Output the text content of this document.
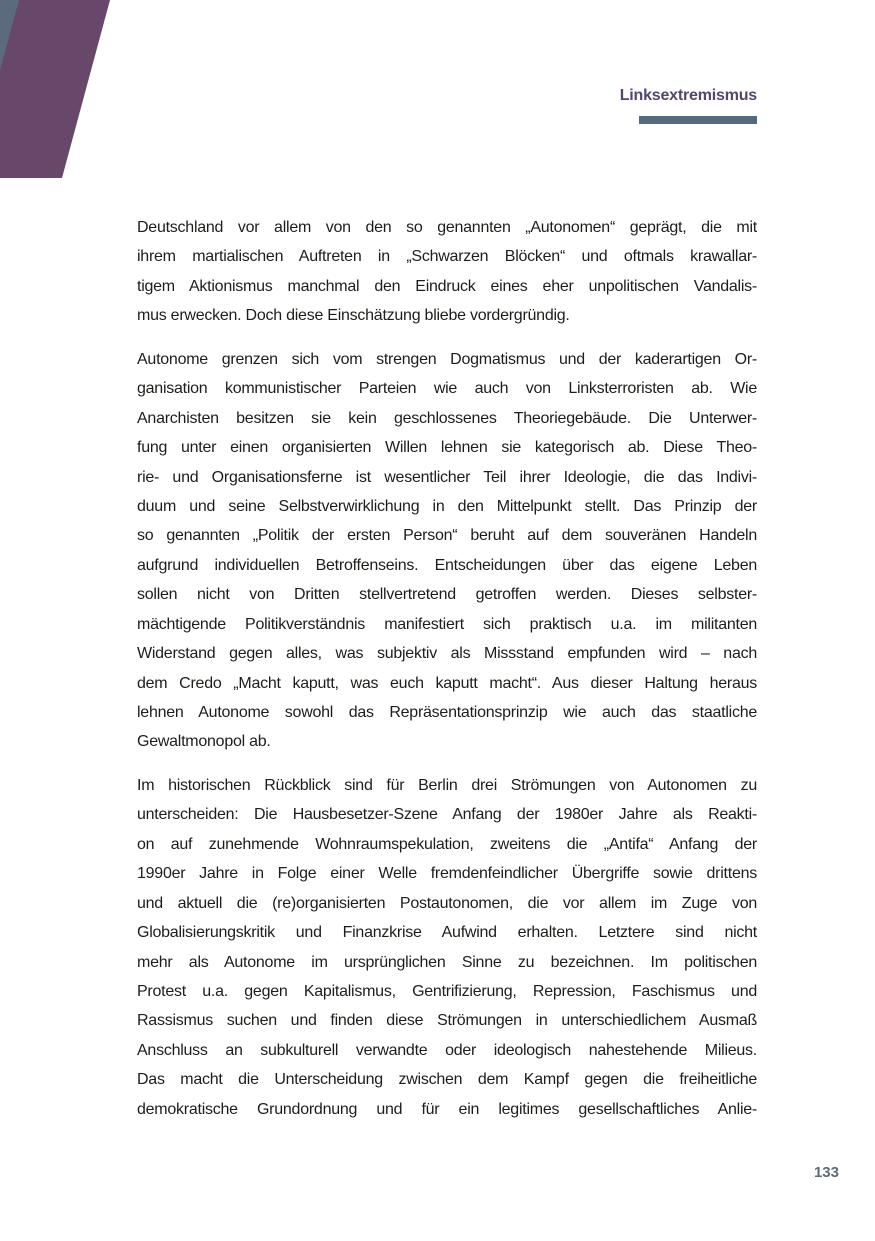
Linksextremismus
Deutschland vor allem von den so genannten „Autonomen“ geprägt, die mit
ihrem martialischen Auftreten in „Schwarzen Blöcken“ und oftmals krawallar-
tigem Aktionismus manchmal den Eindruck eines eher unpolitischen Vandalis-
mus erwecken. Doch diese Einschätzung bliebe vordergründig.
Autonome grenzen sich vom strengen Dogmatismus und der kaderartigen Or-
ganisation kommunistischer Parteien wie auch von Linksterroristen ab. Wie
Anarchisten besitzen sie kein geschlossenes Theoriegebäude. Die Unterwer-
fung unter einen organisierten Willen lehnen sie kategorisch ab. Diese Theo-
rie- und Organisationsferne ist wesentlicher Teil ihrer Ideologie, die das Indivi-
duum und seine Selbstverwirklichung in den Mittelpunkt stellt. Das Prinzip der
so genannten „Politik der ersten Person“ beruht auf dem souveränen Handeln
aufgrund individuellen Betroffenseins. Entscheidungen über das eigene Leben
sollen nicht von Dritten stellvertretend getroffen werden. Dieses selbster-
mächtigende Politikverständnis manifestiert sich praktisch u.a. im militanten
Widerstand gegen alles, was subjektiv als Missstand empfunden wird – nach
dem Credo „Macht kaputt, was euch kaputt macht“. Aus dieser Haltung heraus
lehnen Autonome sowohl das Repräsentationsprinzip wie auch das staatliche
Gewaltmonopol ab.
Im historischen Rückblick sind für Berlin drei Strömungen von Autonomen zu
unterscheiden: Die Hausbesetzer-Szene Anfang der 1980er Jahre als Reakti-
on auf zunehmende Wohnraumspekulation, zweitens die „Antifa“ Anfang der
1990er Jahre in Folge einer Welle fremdenfeindlicher Übergriffe sowie drittens
und aktuell die (re)organisierten Postautonomen, die vor allem im Zuge von
Globalisierungskritik und Finanzkrise Aufwind erhalten. Letztere sind nicht
mehr als Autonome im ursprünglichen Sinne zu bezeichnen. Im politischen
Protest u.a. gegen Kapitalismus, Gentrifizierung, Repression, Faschismus und
Rassismus suchen und finden diese Strömungen in unterschiedlichem Ausmaß
Anschluss an subkulturell verwandte oder ideologisch nahestehende Milieus.
Das macht die Unterscheidung zwischen dem Kampf gegen die freiheitliche
demokratische Grundordnung und für ein legitimes gesellschaftliches Anlie-
133
